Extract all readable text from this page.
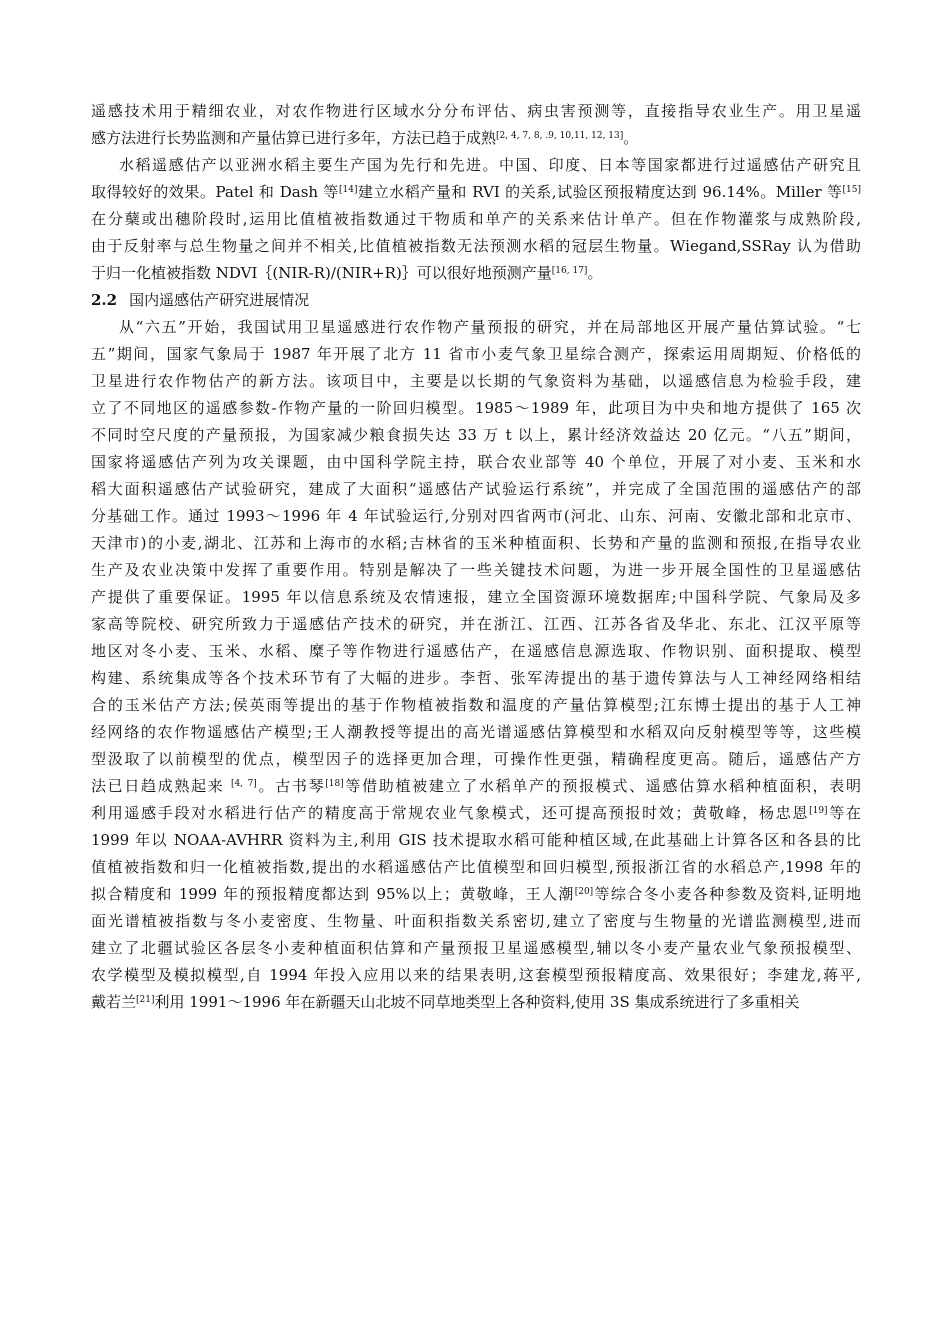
遥感技术用于精细农业，对农作物进行区域水分分布评估、病虫害预测等，直接指导农业生产。用卫星遥
感方法进行长势监测和产量估算已进行多年，方法已趋于成熟[2, 4, 7, 8, .9, 10,11, 12, 13]。
水稻遥感估产以亚洲水稻主要生产国为先行和先进。中国、印度、日本等国家都进行过遥感估产研究且
取得较好的效果。Patel 和 Dash 等[14]建立水稻产量和 RVI 的关系,试验区预报精度达到 96.14%。Miller 等[15]
在分蘖或出穗阶段时,运用比值植被指数通过干物质和单产的关系来估计单产。但在作物灌浆与成熟阶段,
由于反射率与总生物量之间并不相关,比值植被指数无法预测水稻的冠层生物量。Wiegand,SSRay 认为借助
于归一化植被指数 NDVI｛(NIR-R)/(NIR+R)｝可以很好地预测产量[16, 17]。
2.2 国内遥感估产研究进展情况
从“六五”开始，我国试用卫星遥感进行农作物产量预报的研究，并在局部地区开展产量估算试验。“七
五”期间，国家气象局于 1987 年开展了北方 11 省市小麦气象卫星综合测产，探索运用周期短、价格低的
卫星进行农作物估产的新方法。该项目中，主要是以长期的气象资料为基础，以遥感信息为检验手段，建
立了不同地区的遥感参数-作物产量的一阶回归模型。1985～1989 年，此项目为中央和地方提供了 165 次
不同时空尺度的产量预报，为国家减少粮食损失达 33 万 t 以上，累计经济效益达 20 亿元。“八五”期间，
国家将遥感估产列为攻关课题，由中国科学院主持，联合农业部等 40 个单位，开展了对小麦、玉米和水
稻大面积遥感估产试验研究，建成了大面积“遥感估产试验运行系统”，并完成了全国范围的遥感估产的部
分基础工作。通过 1993～1996 年 4 年试验运行,分别对四省两市(河北、山东、河南、安徽北部和北京市、
天津市)的小麦,湖北、江苏和上海市的水稻;吉林省的玉米种植面积、长势和产量的监测和预报,在指导农业
生产及农业决策中发挥了重要作用。特别是解决了一些关键技术问题，为进一步开展全国性的卫星遥感估
产提供了重要保证。1995 年以信息系统及农情速报，建立全国资源环境数据库;中国科学院、气象局及多
家高等院校、研究所致力于遥感估产技术的研究，并在浙江、江西、江苏各省及华北、东北、江汉平原等
地区对冬小麦、玉米、水稻、糜子等作物进行遥感估产，在遥感信息源选取、作物识别、面积提取、模型
构建、系统集成等各个技术环节有了大幅的进步。李哲、张军涛提出的基于遗传算法与人工神经网络相结
合的玉米估产方法;侯英雨等提出的基于作物植被指数和温度的产量估算模型;江东博士提出的基于人工神
经网络的农作物遥感估产模型;王人潮教授等提出的高光谱遥感估算模型和水稻双向反射模型等等，这些模
型汲取了以前模型的优点，模型因子的选择更加合理，可操作性更强，精确程度更高。随后，遥感估产方
法已日趋成熟起来 [4, 7]。古书琴[18]等借助植被建立了水稻单产的预报模式、遥感估算水稻种植面积，表明
利用遥感手段对水稻进行估产的精度高于常规农业气象模式，还可提高预报时效；黄敬峰，杨忠恩[19]等在
1999 年以 NOAA-AVHRR 资料为主,利用 GIS 技术提取水稻可能种植区域,在此基础上计算各区和各县的比
值植被指数和归一化植被指数,提出的水稻遥感估产比值模型和回归模型,预报浙江省的水稻总产,1998 年的
拟合精度和 1999 年的预报精度都达到 95%以上；黄敬峰，王人潮[20]等综合冬小麦各种参数及资料,证明地
面光谱植被指数与冬小麦密度、生物量、叶面积指数关系密切,建立了密度与生物量的光谱监测模型,进而
建立了北疆试验区各层冬小麦种植面积估算和产量预报卫星遥感模型,辅以冬小麦产量农业气象预报模型、
农学模型及模拟模型,自 1994 年投入应用以来的结果表明,这套模型预报精度高、效果很好；李建龙,蒋平,
戴若兰[21]利用 1991～1996 年在新疆天山北坡不同草地类型上各种资料,使用 3S 集成系统进行了多重相关
